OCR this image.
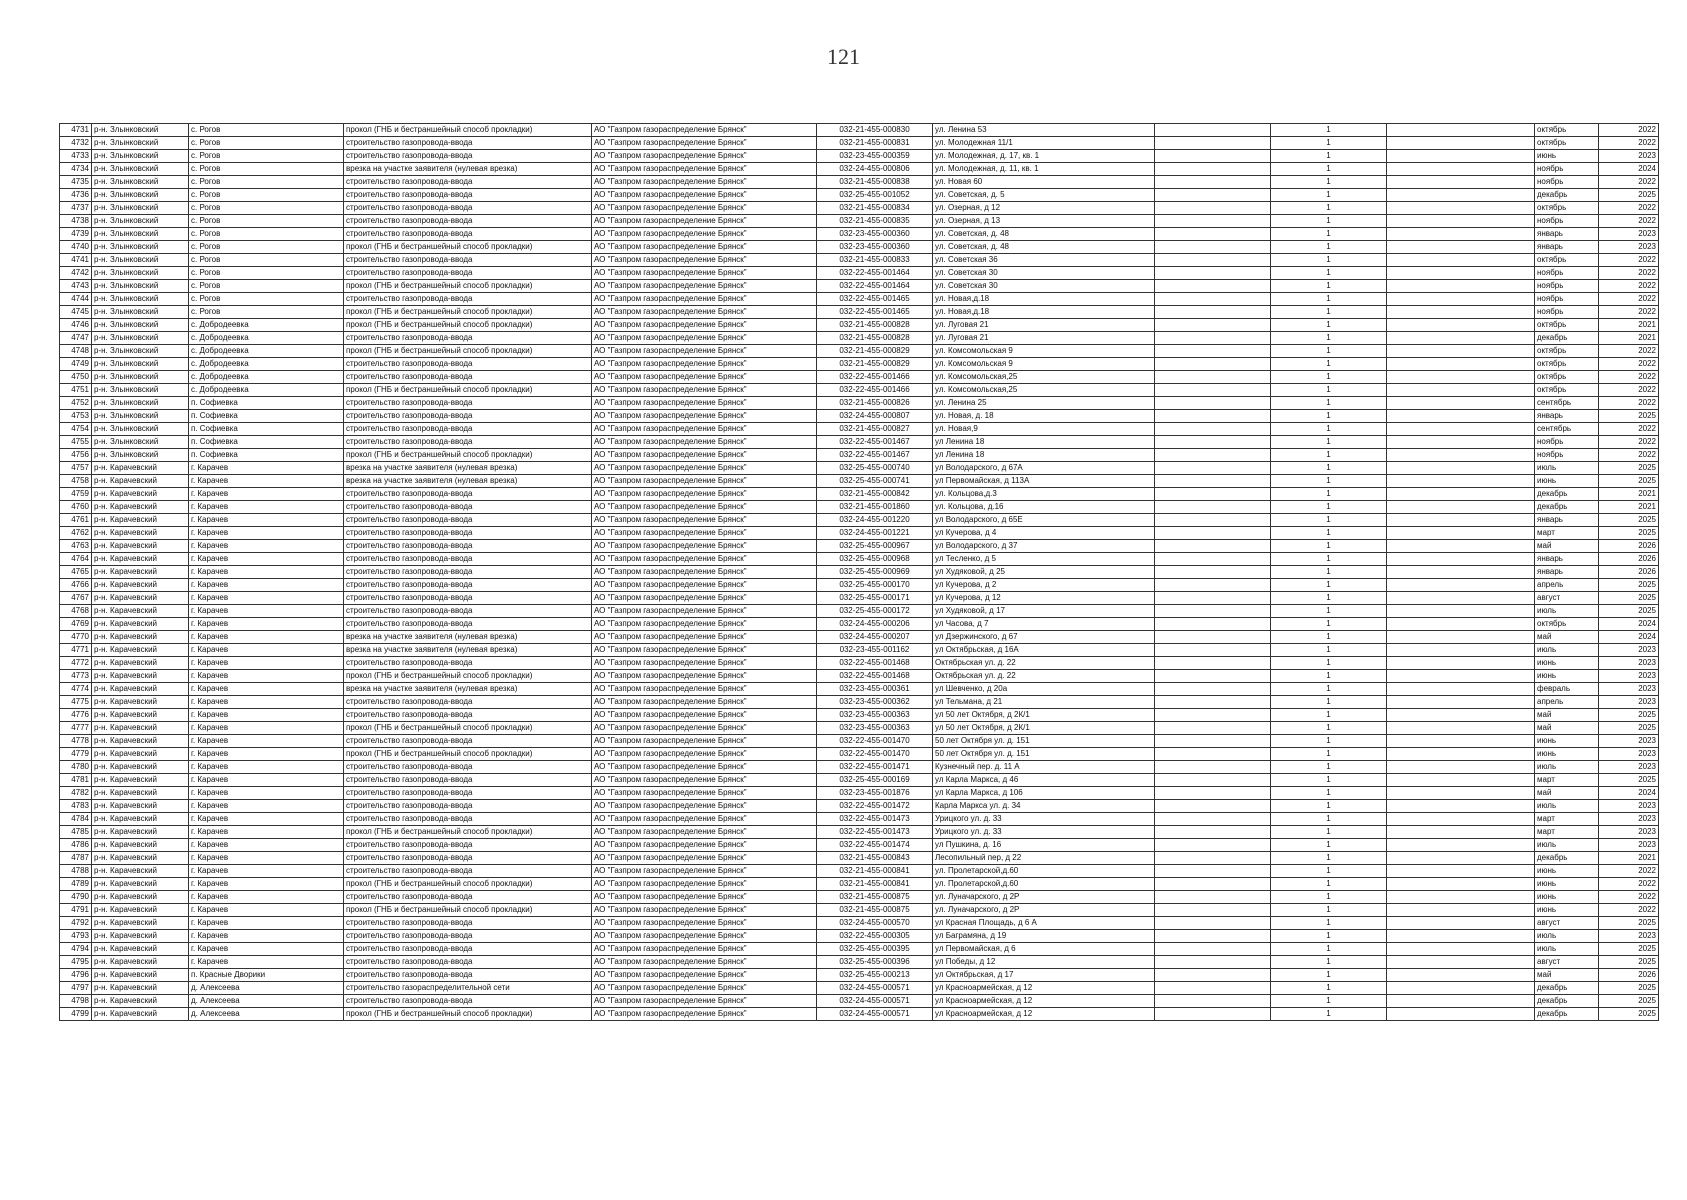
121
4731	р-н. Злынковский	с. Рогов	прокол (ГНБ и бестраншейный способ прокладки)	АО "Газпром газораспределение Брянск"	032-21-455-000830	ул. Ленина 53		1		октябрь	2022
4732	р-н. Злынковский	с. Рогов	строительство газопровода-ввода	АО "Газпром газораспределение Брянск"	032-21-455-000831	ул. Молодежная 11/1		1		октябрь	2022
4733	р-н. Злынковский	с. Рогов	строительство газопровода-ввода	АО "Газпром газораспределение Брянск"	032-23-455-000359	ул. Молодежная, д. 17, кв. 1		1		июнь	2023
4734	р-н. Злынковский	с. Рогов	врезка на участке заявителя (нулевая врезка)	АО "Газпром газораспределение Брянск"	032-24-455-000806	ул. Молодежная, д. 11, кв. 1		1		ноябрь	2024
4735	р-н. Злынковский	с. Рогов	строительство газопровода-ввода	АО "Газпром газораспределение Брянск"	032-21-455-000838	ул. Новая 60		1		ноябрь	2022
4736	р-н. Злынковский	с. Рогов	строительство газопровода-ввода	АО "Газпром газораспределение Брянск"	032-25-455-001052	ул. Советская, д. 5		1		декабрь	2025
4737	р-н. Злынковский	с. Рогов	строительство газопровода-ввода	АО "Газпром газораспределение Брянск"	032-21-455-000834	ул. Озерная, д 12		1		октябрь	2022
4738	р-н. Злынковский	с. Рогов	строительство газопровода-ввода	АО "Газпром газораспределение Брянск"	032-21-455-000835	ул. Озерная, д 13		1		ноябрь	2022
4739	р-н. Злынковский	с. Рогов	строительство газопровода-ввода	АО "Газпром газораспределение Брянск"	032-23-455-000360	ул. Советская, д. 48		1		январь	2023
4740	р-н. Злынковский	с. Рогов	прокол (ГНБ и бестраншейный способ прокладки)	АО "Газпром газораспределение Брянск"	032-23-455-000360	ул. Советская, д. 48		1		январь	2023
4741	р-н. Злынковский	с. Рогов	строительство газопровода-ввода	АО "Газпром газораспределение Брянск"	032-21-455-000833	ул. Советская 36		1		октябрь	2022
4742	р-н. Злынковский	с. Рогов	строительство газопровода-ввода	АО "Газпром газораспределение Брянск"	032-22-455-001464	ул. Советская 30		1		ноябрь	2022
4743	р-н. Злынковский	с. Рогов	прокол (ГНБ и бестраншейный способ прокладки)	АО "Газпром газораспределение Брянск"	032-22-455-001464	ул. Советская 30		1		ноябрь	2022
4744	р-н. Злынковский	с. Рогов	строительство газопровода-ввода	АО "Газпром газораспределение Брянск"	032-22-455-001465	ул. Новая,д.18		1		ноябрь	2022
4745	р-н. Злынковский	с. Рогов	прокол (ГНБ и бестраншейный способ прокладки)	АО "Газпром газораспределение Брянск"	032-22-455-001465	ул. Новая,д.18		1		ноябрь	2022
4746	р-н. Злынковский	с. Добродеевка	прокол (ГНБ и бестраншейный способ прокладки)	АО "Газпром газораспределение Брянск"	032-21-455-000828	ул. Луговая 21		1		октябрь	2021
4747	р-н. Злынковский	с. Добродеевка	строительство газопровода-ввода	АО "Газпром газораспределение Брянск"	032-21-455-000828	ул. Луговая 21		1		декабрь	2021
4748	р-н. Злынковский	с. Добродеевка	прокол (ГНБ и бестраншейный способ прокладки)	АО "Газпром газораспределение Брянск"	032-21-455-000829	ул. Комсомольская 9		1		октябрь	2022
4749	р-н. Злынковский	с. Добродеевка	строительство газопровода-ввода	АО "Газпром газораспределение Брянск"	032-21-455-000829	ул. Комсомольская 9		1		октябрь	2022
4750	р-н. Злынковский	с. Добродеевка	строительство газопровода-ввода	АО "Газпром газораспределение Брянск"	032-22-455-001466	ул. Комсомольская,25		1		октябрь	2022
4751	р-н. Злынковский	с. Добродеевка	прокол (ГНБ и бестраншейный способ прокладки)	АО "Газпром газораспределение Брянск"	032-22-455-001466	ул. Комсомольская,25		1		октябрь	2022
4752	р-н. Злынковский	п. Софиевка	строительство газопровода-ввода	АО "Газпром газораспределение Брянск"	032-21-455-000826	ул. Ленина 25		1		сентябрь	2022
4753	р-н. Злынковский	п. Софиевка	строительство газопровода-ввода	АО "Газпром газораспределение Брянск"	032-24-455-000807	ул. Новая, д. 18		1		январь	2025
4754	р-н. Злынковский	п. Софиевка	строительство газопровода-ввода	АО "Газпром газораспределение Брянск"	032-21-455-000827	ул. Новая,9		1		сентябрь	2022
4755	р-н. Злынковский	п. Софиевка	строительство газопровода-ввода	АО "Газпром газораспределение Брянск"	032-22-455-001467	ул Ленина 18		1		ноябрь	2022
4756	р-н. Злынковский	п. Софиевка	прокол (ГНБ и бестраншейный способ прокладки)	АО "Газпром газораспределение Брянск"	032-22-455-001467	ул Ленина 18		1		ноябрь	2022
4757	р-н. Карачевский	г. Карачев	врезка на участке заявителя (нулевая врезка)	АО "Газпром газораспределение Брянск"	032-25-455-000740	ул Володарского, д 67А		1		июль	2025
4758	р-н. Карачевский	г. Карачев	врезка на участке заявителя (нулевая врезка)	АО "Газпром газораспределение Брянск"	032-25-455-000741	ул Первомайская, д 113А		1		июнь	2025
4759	р-н. Карачевский	г. Карачев	строительство газопровода-ввода	АО "Газпром газораспределение Брянск"	032-21-455-000842	ул. Кольцова,д.3		1		декабрь	2021
4760	р-н. Карачевский	г. Карачев	строительство газопровода-ввода	АО "Газпром газораспределение Брянск"	032-21-455-001860	ул. Кольцова, д.16		1		декабрь	2021
4761	р-н. Карачевский	г. Карачев	строительство газопровода-ввода	АО "Газпром газораспределение Брянск"	032-24-455-001220	ул Володарского, д 65Е		1		январь	2025
4762	р-н. Карачевский	г. Карачев	строительство газопровода-ввода	АО "Газпром газораспределение Брянск"	032-24-455-001221	ул Кучерова, д 4		1		март	2025
4763	р-н. Карачевский	г. Карачев	строительство газопровода-ввода	АО "Газпром газораспределение Брянск"	032-25-455-000967	ул Володарского, д 37		1		май	2026
4764	р-н. Карачевский	г. Карачев	строительство газопровода-ввода	АО "Газпром газораспределение Брянск"	032-25-455-000968	ул Тесленко, д 5		1		январь	2026
4765	р-н. Карачевский	г. Карачев	строительство газопровода-ввода	АО "Газпром газораспределение Брянск"	032-25-455-000969	ул Худяковой, д 25		1		январь	2026
4766	р-н. Карачевский	г. Карачев	строительство газопровода-ввода	АО "Газпром газораспределение Брянск"	032-25-455-000170	ул Кучерова, д 2		1		апрель	2025
4767	р-н. Карачевский	г. Карачев	строительство газопровода-ввода	АО "Газпром газораспределение Брянск"	032-25-455-000171	ул Кучерова, д 12		1		август	2025
4768	р-н. Карачевский	г. Карачев	строительство газопровода-ввода	АО "Газпром газораспределение Брянск"	032-25-455-000172	ул Худяковой, д 17		1		июль	2025
4769	р-н. Карачевский	г. Карачев	строительство газопровода-ввода	АО "Газпром газораспределение Брянск"	032-24-455-000206	ул Часова, д 7		1		октябрь	2024
4770	р-н. Карачевский	г. Карачев	врезка на участке заявителя (нулевая врезка)	АО "Газпром газораспределение Брянск"	032-24-455-000207	ул Дзержинского, д 67		1		май	2024
4771	р-н. Карачевский	г. Карачев	врезка на участке заявителя (нулевая врезка)	АО "Газпром газораспределение Брянск"	032-23-455-001162	ул Октябрьская, д 16А		1		июль	2023
4772	р-н. Карачевский	г. Карачев	строительство газопровода-ввода	АО "Газпром газораспределение Брянск"	032-22-455-001468	Октябрьская ул. д. 22		1		июнь	2023
4773	р-н. Карачевский	г. Карачев	прокол (ГНБ и бестраншейный способ прокладки)	АО "Газпром газораспределение Брянск"	032-22-455-001468	Октябрьская ул. д. 22		1		июнь	2023
4774	р-н. Карачевский	г. Карачев	врезка на участке заявителя (нулевая врезка)	АО "Газпром газораспределение Брянск"	032-23-455-000361	ул Шевченко, д 20а		1		февраль	2023
4775	р-н. Карачевский	г. Карачев	строительство газопровода-ввода	АО "Газпром газораспределение Брянск"	032-23-455-000362	ул Тельмана, д 21		1		апрель	2023
4776	р-н. Карачевский	г. Карачев	строительство газопровода-ввода	АО "Газпром газораспределение Брянск"	032-23-455-000363	ул 50 лет Октября, д 2К/1		1		май	2025
4777	р-н. Карачевский	г. Карачев	прокол (ГНБ и бестраншейный способ прокладки)	АО "Газпром газораспределение Брянск"	032-23-455-000363	ул 50 лет Октября, д 2К/1		1		май	2025
4778	р-н. Карачевский	г. Карачев	строительство газопровода-ввода	АО "Газпром газораспределение Брянск"	032-22-455-001470	50 лет Октября ул. д. 151		1		июнь	2023
4779	р-н. Карачевский	г. Карачев	прокол (ГНБ и бестраншейный способ прокладки)	АО "Газпром газораспределение Брянск"	032-22-455-001470	50 лет Октября ул. д. 151		1		июнь	2023
4780	р-н. Карачевский	г. Карачев	строительство газопровода-ввода	АО "Газпром газораспределение Брянск"	032-22-455-001471	Кузнечный пер. д. 11 А		1		июль	2023
4781	р-н. Карачевский	г. Карачев	строительство газопровода-ввода	АО "Газпром газораспределение Брянск"	032-25-455-000169	ул Карла Маркса, д 46		1		март	2025
4782	р-н. Карачевский	г. Карачев	строительство газопровода-ввода	АО "Газпром газораспределение Брянск"	032-23-455-001876	ул Карла Маркса, д 106		1		май	2024
4783	р-н. Карачевский	г. Карачев	строительство газопровода-ввода	АО "Газпром газораспределение Брянск"	032-22-455-001472	Карла Маркса ул. д. 34		1		июль	2023
4784	р-н. Карачевский	г. Карачев	строительство газопровода-ввода	АО "Газпром газораспределение Брянск"	032-22-455-001473	Урицкого ул. д. 33		1		март	2023
4785	р-н. Карачевский	г. Карачев	прокол (ГНБ и бестраншейный способ прокладки)	АО "Газпром газораспределение Брянск"	032-22-455-001473	Урицкого ул. д. 33		1		март	2023
4786	р-н. Карачевский	г. Карачев	строительство газопровода-ввода	АО "Газпром газораспределение Брянск"	032-22-455-001474	ул Пушкина, д. 16		1		июль	2023
4787	р-н. Карачевский	г. Карачев	строительство газопровода-ввода	АО "Газпром газораспределение Брянск"	032-21-455-000843	Лесопильный пер, д 22		1		декабрь	2021
4788	р-н. Карачевский	г. Карачев	строительство газопровода-ввода	АО "Газпром газораспределение Брянск"	032-21-455-000841	ул. Пролетарской,д.60		1		июнь	2022
4789	р-н. Карачевский	г. Карачев	прокол (ГНБ и бестраншейный способ прокладки)	АО "Газпром газораспределение Брянск"	032-21-455-000841	ул. Пролетарской,д.60		1		июнь	2022
4790	р-н. Карачевский	г. Карачев	строительство газопровода-ввода	АО "Газпром газораспределение Брянск"	032-21-455-000875	ул. Луначарского, д 2Р		1		июнь	2022
4791	р-н. Карачевский	г. Карачев	прокол (ГНБ и бестраншейный способ прокладки)	АО "Газпром газораспределение Брянск"	032-21-455-000875	ул. Луначарского, д 2Р		1		июнь	2022
4792	р-н. Карачевский	г. Карачев	строительство газопровода-ввода	АО "Газпром газораспределение Брянск"	032-24-455-000570	ул Красная Площадь, д 6 А		1		август	2025
4793	р-н. Карачевский	г. Карачев	строительство газопровода-ввода	АО "Газпром газораспределение Брянск"	032-22-455-000305	ул Баграмяна, д 19		1		июль	2023
4794	р-н. Карачевский	г. Карачев	строительство газопровода-ввода	АО "Газпром газораспределение Брянск"	032-25-455-000395	ул Первомайская, д 6		1		июль	2025
4795	р-н. Карачевский	г. Карачев	строительство газопровода-ввода	АО "Газпром газораспределение Брянск"	032-25-455-000396	ул Победы, д 12		1		август	2025
4796	р-н. Карачевский	п. Красные Дворики	строительство газопровода-ввода	АО "Газпром газораспределение Брянск"	032-25-455-000213	ул Октябрьская, д 17		1		май	2026
4797	р-н. Карачевский	д. Алексеева	строительство газораспределительной сети	АО "Газпром газораспределение Брянск"	032-24-455-000571	ул Красноармейская, д 12		1		декабрь	2025
4798	р-н. Карачевский	д. Алексеева	строительство газопровода-ввода	АО "Газпром газораспределение Брянск"	032-24-455-000571	ул Красноармейская, д 12		1		декабрь	2025
4799	р-н. Карачевский	д. Алексеева	прокол (ГНБ и бестраншейный способ прокладки)	АО "Газпром газораспределение Брянск"	032-24-455-000571	ул Красноармейская, д 12		1		декабрь	2025
